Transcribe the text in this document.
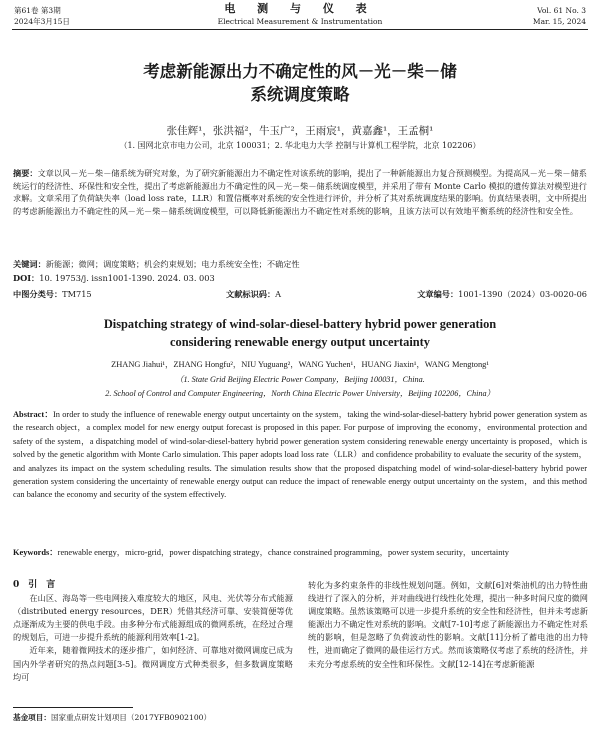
第61卷 第3期	电 测 与 仪 表	Vol. 61 No. 3
2024年3月15日	Electrical Measurement & Instrumentation	Mar. 15, 2024
考虑新能源出力不确定性的风－光－柴－储
系统调度策略
张佳辉¹，张洪福²，牛玉广²，王雨宸¹，黄嘉鑫¹，王孟桐¹
（1. 国网北京市电力公司，北京 100031；2. 华北电力大学 控制与计算机工程学院，北京 102206）
摘要：文章以风－光－柴－储系统为研究对象，为了研究新能源出力不确定性对该系统的影响，提出了一种新能源出力复合预测模型。为提高风－光－柴－储系统运行的经济性、环保性和安全性，提出了考虑新能源出力不确定性的风－光－柴－储系统调度模型，并采用了带有 Monte Carlo 模拟的遗传算法对模型进行求解。文章采用了负荷缺失率（load loss rate，LLR）和置信概率对系统的安全性进行评价，并分析了其对系统调度结果的影响。仿真结果表明，文中所提出的考虑新能源出力不确定性的风－光－柴－储系统调度模型，可以降低新能源出力不确定性对系统的影响，且该方法可以有效地平衡系统的经济性和安全性。
关键词：新能源；微网；调度策略；机会约束规划；电力系统安全性；不确定性
DOI：10. 19753/j. issn1001-1390. 2024. 03. 003
中图分类号：TM715	文献标识码：A	文章编号：1001-1390（2024）03-0020-06
Dispatching strategy of wind-solar-diesel-battery hybrid power generation
considering renewable energy output uncertainty
ZHANG Jiahui¹，ZHANG Hongfu²，NIU Yuguang²，WANG Yuchen¹，HUANG Jiaxin¹，WANG Mengtong¹
（1. State Grid Beijing Electric Power Company，Beijing 100031，China.
2. School of Control and Computer Engineering，North China Electric Power University，Beijing 102206，China）
Abstract：In order to study the influence of renewable energy output uncertainty on the system，taking the wind-solar-diesel-battery hybrid power generation system as the research object，a complex model for new energy output forecast is proposed in this paper. For purpose of improving the economy，environmental protection and safety of the system，a dispatching model of wind-solar-diesel-battery hybrid power generation system considering renewable energy uncertainty is proposed，which is solved by the genetic algorithm with Monte Carlo simulation. This paper adopts load loss rate（LLR）and confidence probability to evaluate the security of the system，and analyzes its impact on the system scheduling results. The simulation results show that the proposed dispatching model of wind-solar-diesel-battery hybrid power generation system considering the uncertainty of renewable energy output can reduce the impact of renewable energy output uncertainty on the system，and this method can balance the economy and security of the system effectively.
Keywords：renewable energy，micro-grid，power dispatching strategy，chance constrained programming，power system security，uncertainty
0　引　言

在山区、海岛等一些电网接入难度较大的地区，风电、光伏等分布式能源（distributed energy resources，DER）凭借其经济可靠、安装简便等优点逐渐成为主要的供电手段。由多种分布式能源组成的微网系统，在经过合理的规划后，可进一步提升系统的能源利用效率[1-2]。

近年来，随着微网技术的逐步推广，如何经济、可靠地对微网调度已成为国内外学者研究的热点问题[3-5]。微网调度方式种类很多，但多数调度策略均可

基金项目：国家重点研发计划项目（2017YFB0902100）
转化为多约束条件的非线性规划问题。例如，文献[6]对柴油机的出力特性曲线进行了深入的分析，并对曲线进行线性化处理，提出一种多时间尺度的微网调度策略。虽然该策略可以进一步提升系统的安全性和经济性，但并未考虑新能源出力不确定性对系统的影响。文献[7-10]考虑了新能源出力不确定性对系统的影响，但是忽略了负荷波动性的影响。文献[11]分析了蓄电池的出力特性，进而确定了微网的最佳运行方式。然而该策略仅考虑了系统的经济性，并未充分考虑系统的安全性和环保性。文献[12-14]在考虑新能源
